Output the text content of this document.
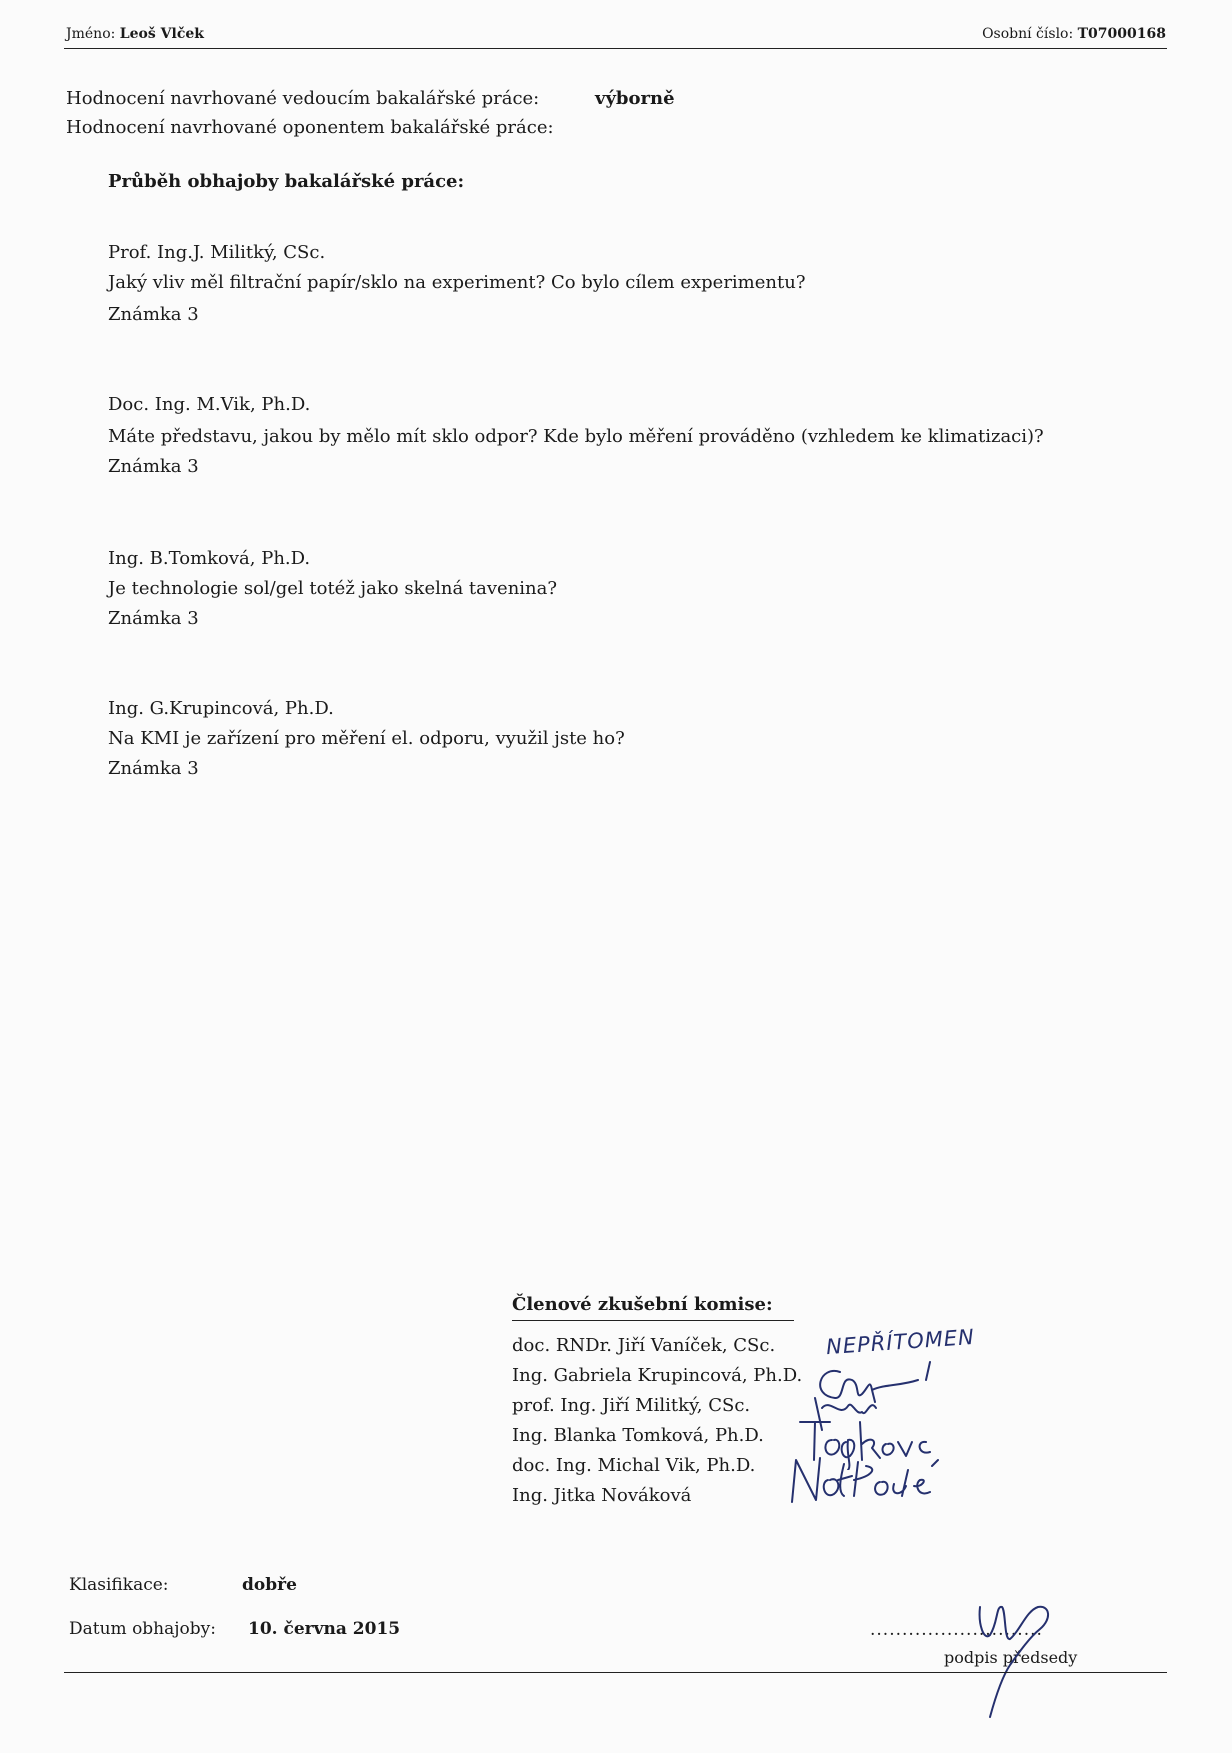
Jméno: Leoš Vlček	Osobní číslo: T07000168
Hodnocení navrhované vedoucím bakalářské práce:	výborně
Hodnocení navrhované oponentem bakalářské práce:
Průběh obhajoby bakalářské práce:
Prof. Ing.J. Militký, CSc.
Jaký vliv měl filtrační papír/sklo na experiment? Co bylo cílem experimentu?
Známka 3
Doc. Ing. M.Vik, Ph.D.
Máte představu, jakou by mělo mít sklo odpor? Kde bylo měření prováděno (vzhledem ke klimatizaci)?
Známka 3
Ing. B.Tomková, Ph.D.
Je technologie sol/gel totéž jako skelná tavenina?
Známka 3
Ing. G.Krupincová, Ph.D.
Na KMI je zařízení pro měření el. odporu, využil jste ho?
Známka 3
Členové zkušební komise:
doc. RNDr. Jiří Vaníček, CSc.
Ing. Gabriela Krupincová, Ph.D.
prof. Ing. Jiří Militký, CSc.
Ing. Blanka Tomková, Ph.D.
doc. Ing. Michal Vik, Ph.D.
Ing. Jitka Nováková
NEPŘÍTOMEN
Klasifikace:	dobře
Datum obhajoby: 10. června 2015	...........................
podpis předsedy
